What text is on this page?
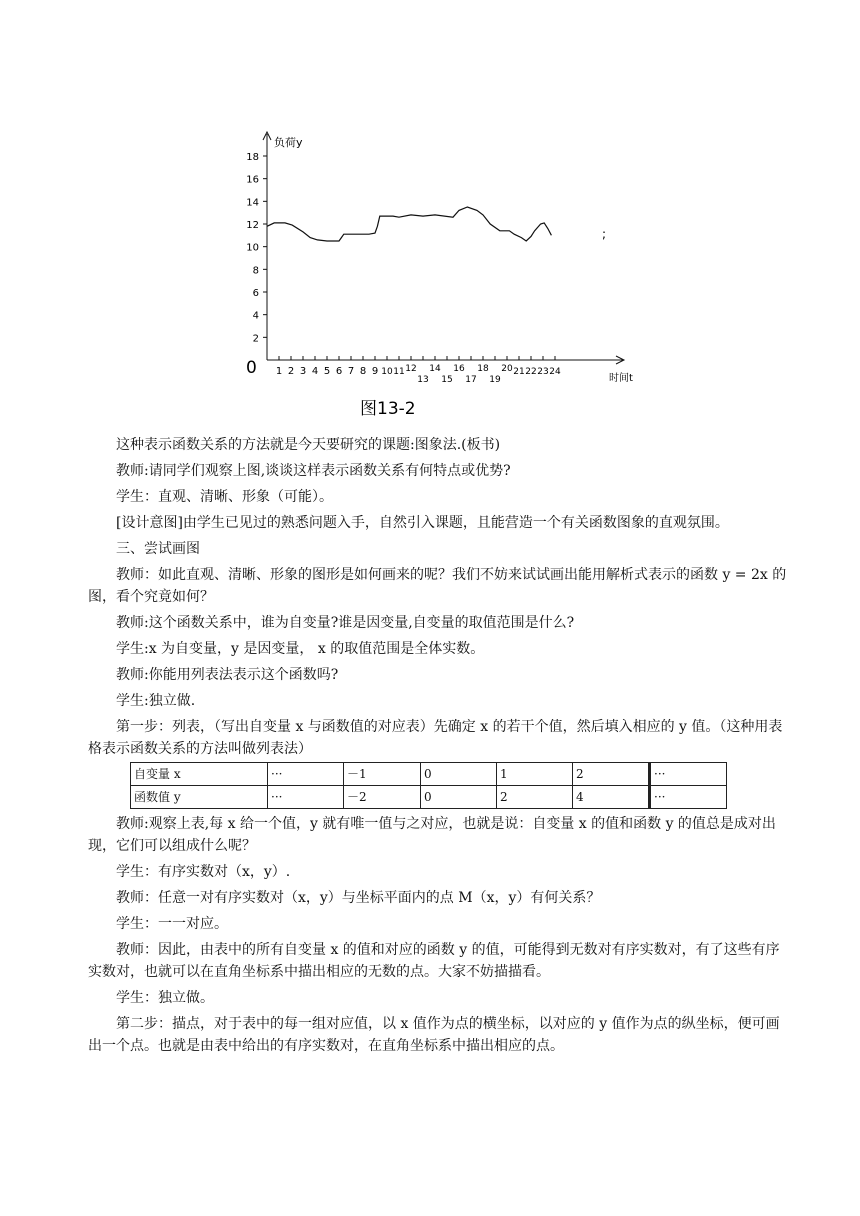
2
4
6
8
10
12
14
16
18
1 2 3 4 5 6 7 8 9 10 11 12
13
14
15
16
17
18
19
20 21 22 23 24
负荷y
时间t
0
;
图13-2

这种表示函数关系的方法就是今天要研究的课题:图象法.(板书)

教师:请同学们观察上图,谈谈这样表示函数关系有何特点或优势?

学生：直观、清晰、形象（可能）。

[设计意图]由学生已见过的熟悉问题入手，自然引入课题，且能营造一个有关函数图象的直观氛围。

三、尝试画图

教师：如此直观、清晰、形象的图形是如何画来的呢？我们不妨来试试画出能用解析式表示的函数 y = 2x 的图，看个究竟如何？

教师:这个函数关系中，谁为自变量?谁是因变量,自变量的取值范围是什么?

学生:x 为自变量，y 是因变量， x 的取值范围是全体实数。

教师:你能用列表法表示这个函数吗?

学生:独立做.

第一步：列表，（写出自变量 x 与函数值的对应表）先确定 x 的若干个值，然后填入相应的 y 值。（这种用表格表示函数关系的方法叫做列表法）

自变量 x	···	－1	0	1	2	···
函数值 y	···	－2	0	2	4	···

教师:观察上表,每 x 给一个值，y 就有唯一值与之对应，也就是说：自变量 x 的值和函数 y 的值总是成对出现，它们可以组成什么呢？

学生：有序实数对（x，y）.

教师：任意一对有序实数对（x，y）与坐标平面内的点 M（x，y）有何关系？

学生：一一对应。

教师：因此，由表中的所有自变量 x 的值和对应的函数 y 的值，可能得到无数对有序实数对，有了这些有序实数对，也就可以在直角坐标系中描出相应的无数的点。大家不妨描描看。

学生：独立做。

第二步：描点，对于表中的每一组对应值，以 x 值作为点的横坐标，以对应的 y 值作为点的纵坐标，便可画出一个点。也就是由表中给出的有序实数对，在直角坐标系中描出相应的点。
